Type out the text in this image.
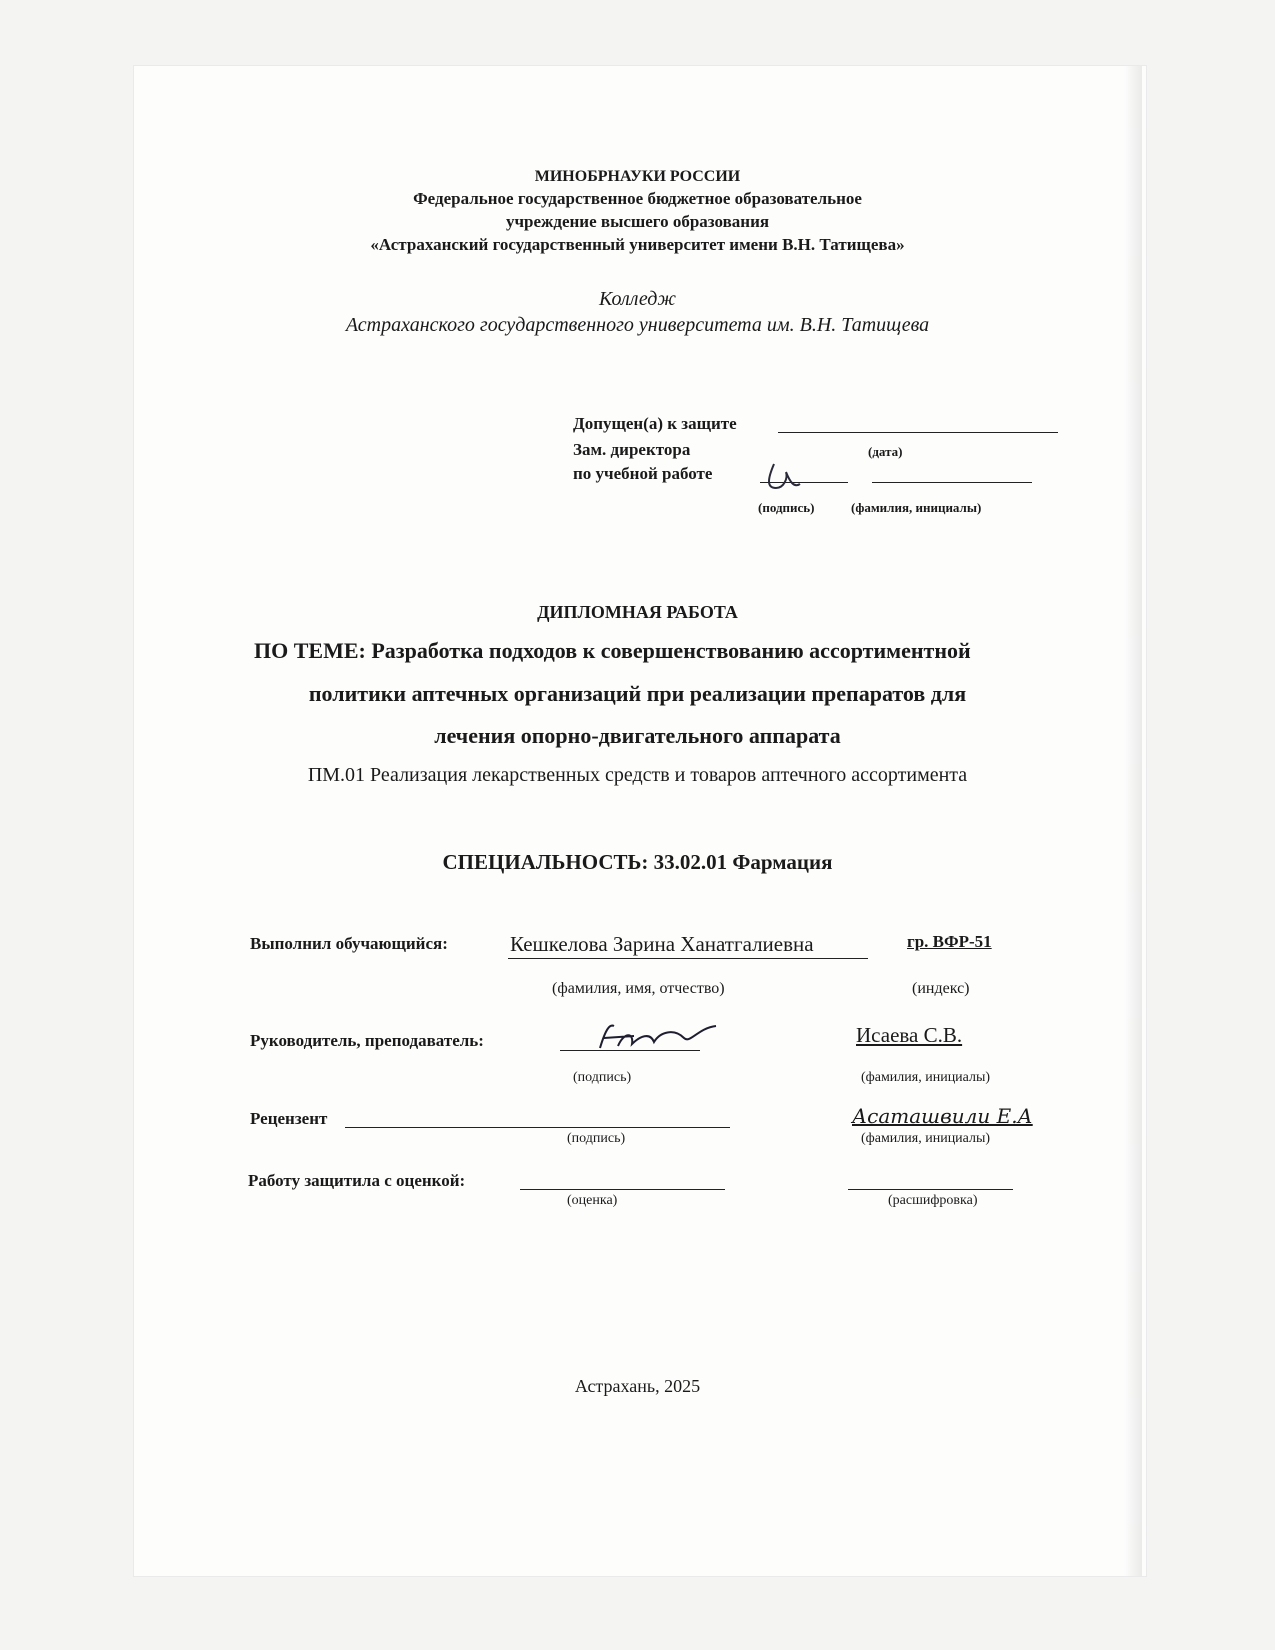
МИНОБРНАУКИ РОССИИ
Федеральное государственное бюджетное образовательное
учреждение высшего образования
«Астраханский государственный университет имени В.Н. Татищева»
Колледж
Астраханского государственного университета им. В.Н. Татищева
Допущен(а) к защите
Зам. директора	(дата)
по учебной работе
(подпись)	(фамилия, инициалы)
ДИПЛОМНАЯ РАБОТА
ПО ТЕМЕ: Разработка подходов к совершенствованию ассортиментной
политики аптечных организаций при реализации препаратов для
лечения опорно-двигательного аппарата
ПМ.01 Реализация лекарственных средств и товаров аптечного ассортимента
СПЕЦИАЛЬНОСТЬ: 33.02.01 Фармация
Выполнил обучающийся:	Кешкелова Зарина Ханатгалиевна	гр. ВФР-51
(фамилия, имя, отчество)	(индекс)
Руководитель, преподаватель:	Исаева С.В.
(подпись)	(фамилия, инициалы)
Рецензент	Асаташвили Е.А
(подпись)	(фамилия, инициалы)
Работу защитила с оценкой:
(оценка)	(расшифровка)
Астрахань, 2025
